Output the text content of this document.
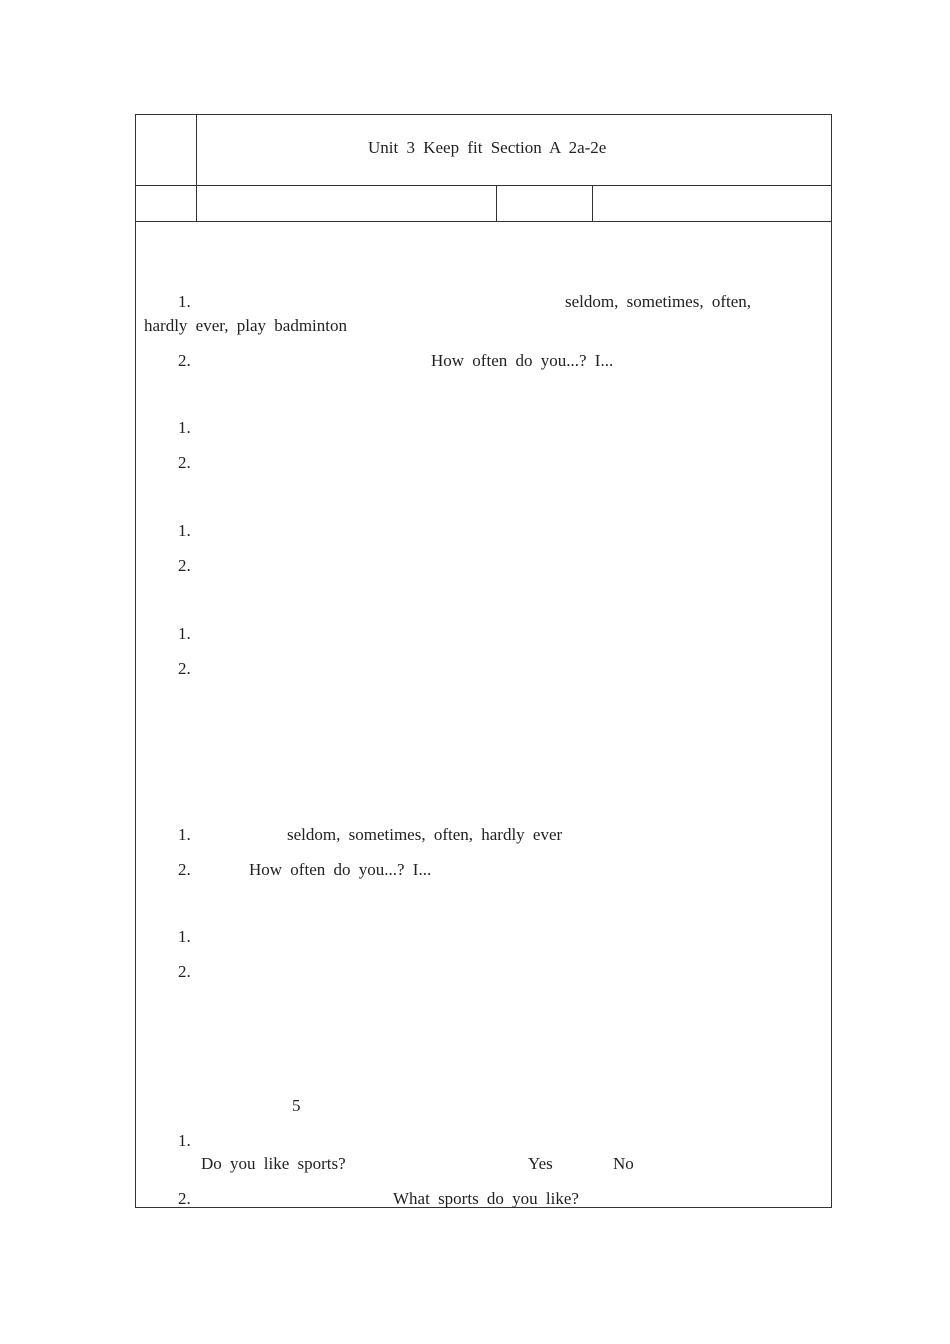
Unit 3 Keep fit Section A 2a-2e
1.	seldom, sometimes, often,
hardly ever, play badminton
2.	How often do you...? I...
1.
2.
1.
2.
1.
2.
1.	seldom, sometimes, often, hardly ever
2.	How often do you...? I...
1.
2.
5
1.
Do you like sports?	Yes	No
2.	What sports do you like?
